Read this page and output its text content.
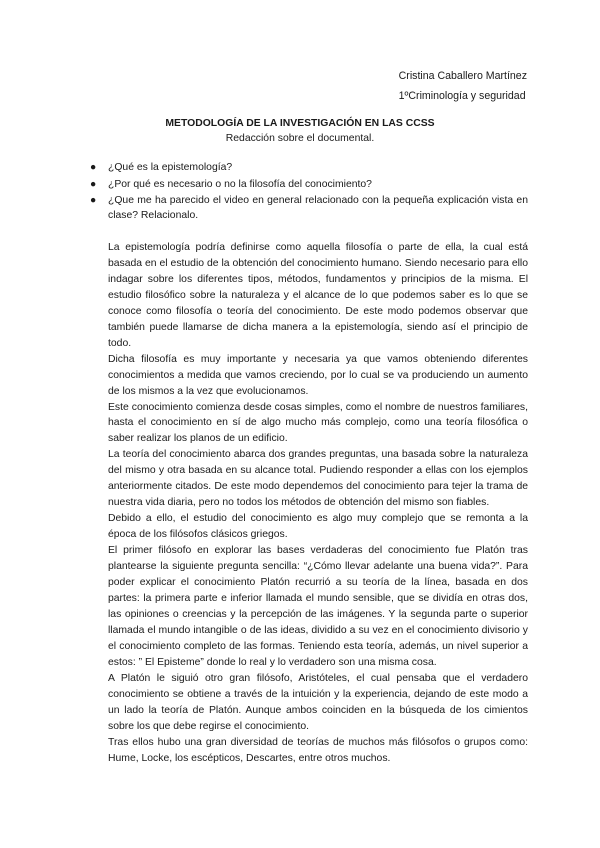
Cristina Caballero Martínez
1ºCriminología y seguridad
METODOLOGÍA DE LA INVESTIGACIÓN EN LAS CCSS
Redacción sobre el documental.
● ¿Qué es la epistemología?
● ¿Por qué es necesario o no la filosofía del conocimiento?
● ¿Que me ha parecido el video en general relacionado con la pequeña explicación vista en clase? Relacionalo.

La epistemología podría definirse como aquella filosofía o parte de ella, la cual está basada en el estudio de la obtención del conocimiento humano. Siendo necesario para ello indagar sobre los diferentes tipos, métodos, fundamentos y principios de la misma. El estudio filosófico sobre la naturaleza y el alcance de lo que podemos saber es lo que se conoce como filosofía o teoría del conocimiento. De este modo podemos observar que también puede llamarse de dicha manera a la epistemología, siendo así el principio de todo.

Dicha filosofía es muy importante y necesaria ya que vamos obteniendo diferentes conocimientos a medida que vamos creciendo, por lo cual se va produciendo un aumento de los mismos a la vez que evolucionamos.

Este conocimiento comienza desde cosas simples, como el nombre de nuestros familiares, hasta el conocimiento en sí de algo mucho más complejo, como una teoría filosófica o saber realizar los planos de un edificio.

La teoría del conocimiento abarca dos grandes preguntas, una basada sobre la naturaleza del mismo y otra basada en su alcance total. Pudiendo responder a ellas con los ejemplos anteriormente citados. De este modo dependemos del conocimiento para tejer la trama de nuestra vida diaria, pero no todos los métodos de obtención del mismo son fiables.

Debido a ello, el estudio del conocimiento es algo muy complejo que se remonta a la época de los filósofos clásicos griegos.

El primer filósofo en explorar las bases verdaderas del conocimiento fue Platón tras plantearse la siguiente pregunta sencilla: “¿Cómo llevar adelante una buena vida?”. Para poder explicar el conocimiento Platón recurrió a su teoría de la línea, basada en dos partes: la primera parte e inferior llamada el mundo sensible, que se dividía en otras dos, las opiniones o creencias y la percepción de las imágenes. Y la segunda parte o superior llamada el mundo intangible o de las ideas, dividido a su vez en el conocimiento divisorio y el conocimiento completo de las formas. Teniendo esta teoría, además, un nivel superior a estos: ” El Episteme” donde lo real y lo verdadero son una misma cosa.

A Platón le siguió otro gran filósofo, Aristóteles, el cual pensaba que el verdadero conocimiento se obtiene a través de la intuición y la experiencia, dejando de este modo a un lado la teoría de Platón. Aunque ambos coinciden en la búsqueda de los cimientos sobre los que debe regirse el conocimiento.

Tras ellos hubo una gran diversidad de teorías de muchos más filósofos o grupos como: Hume, Locke, los escépticos, Descartes, entre otros muchos.
